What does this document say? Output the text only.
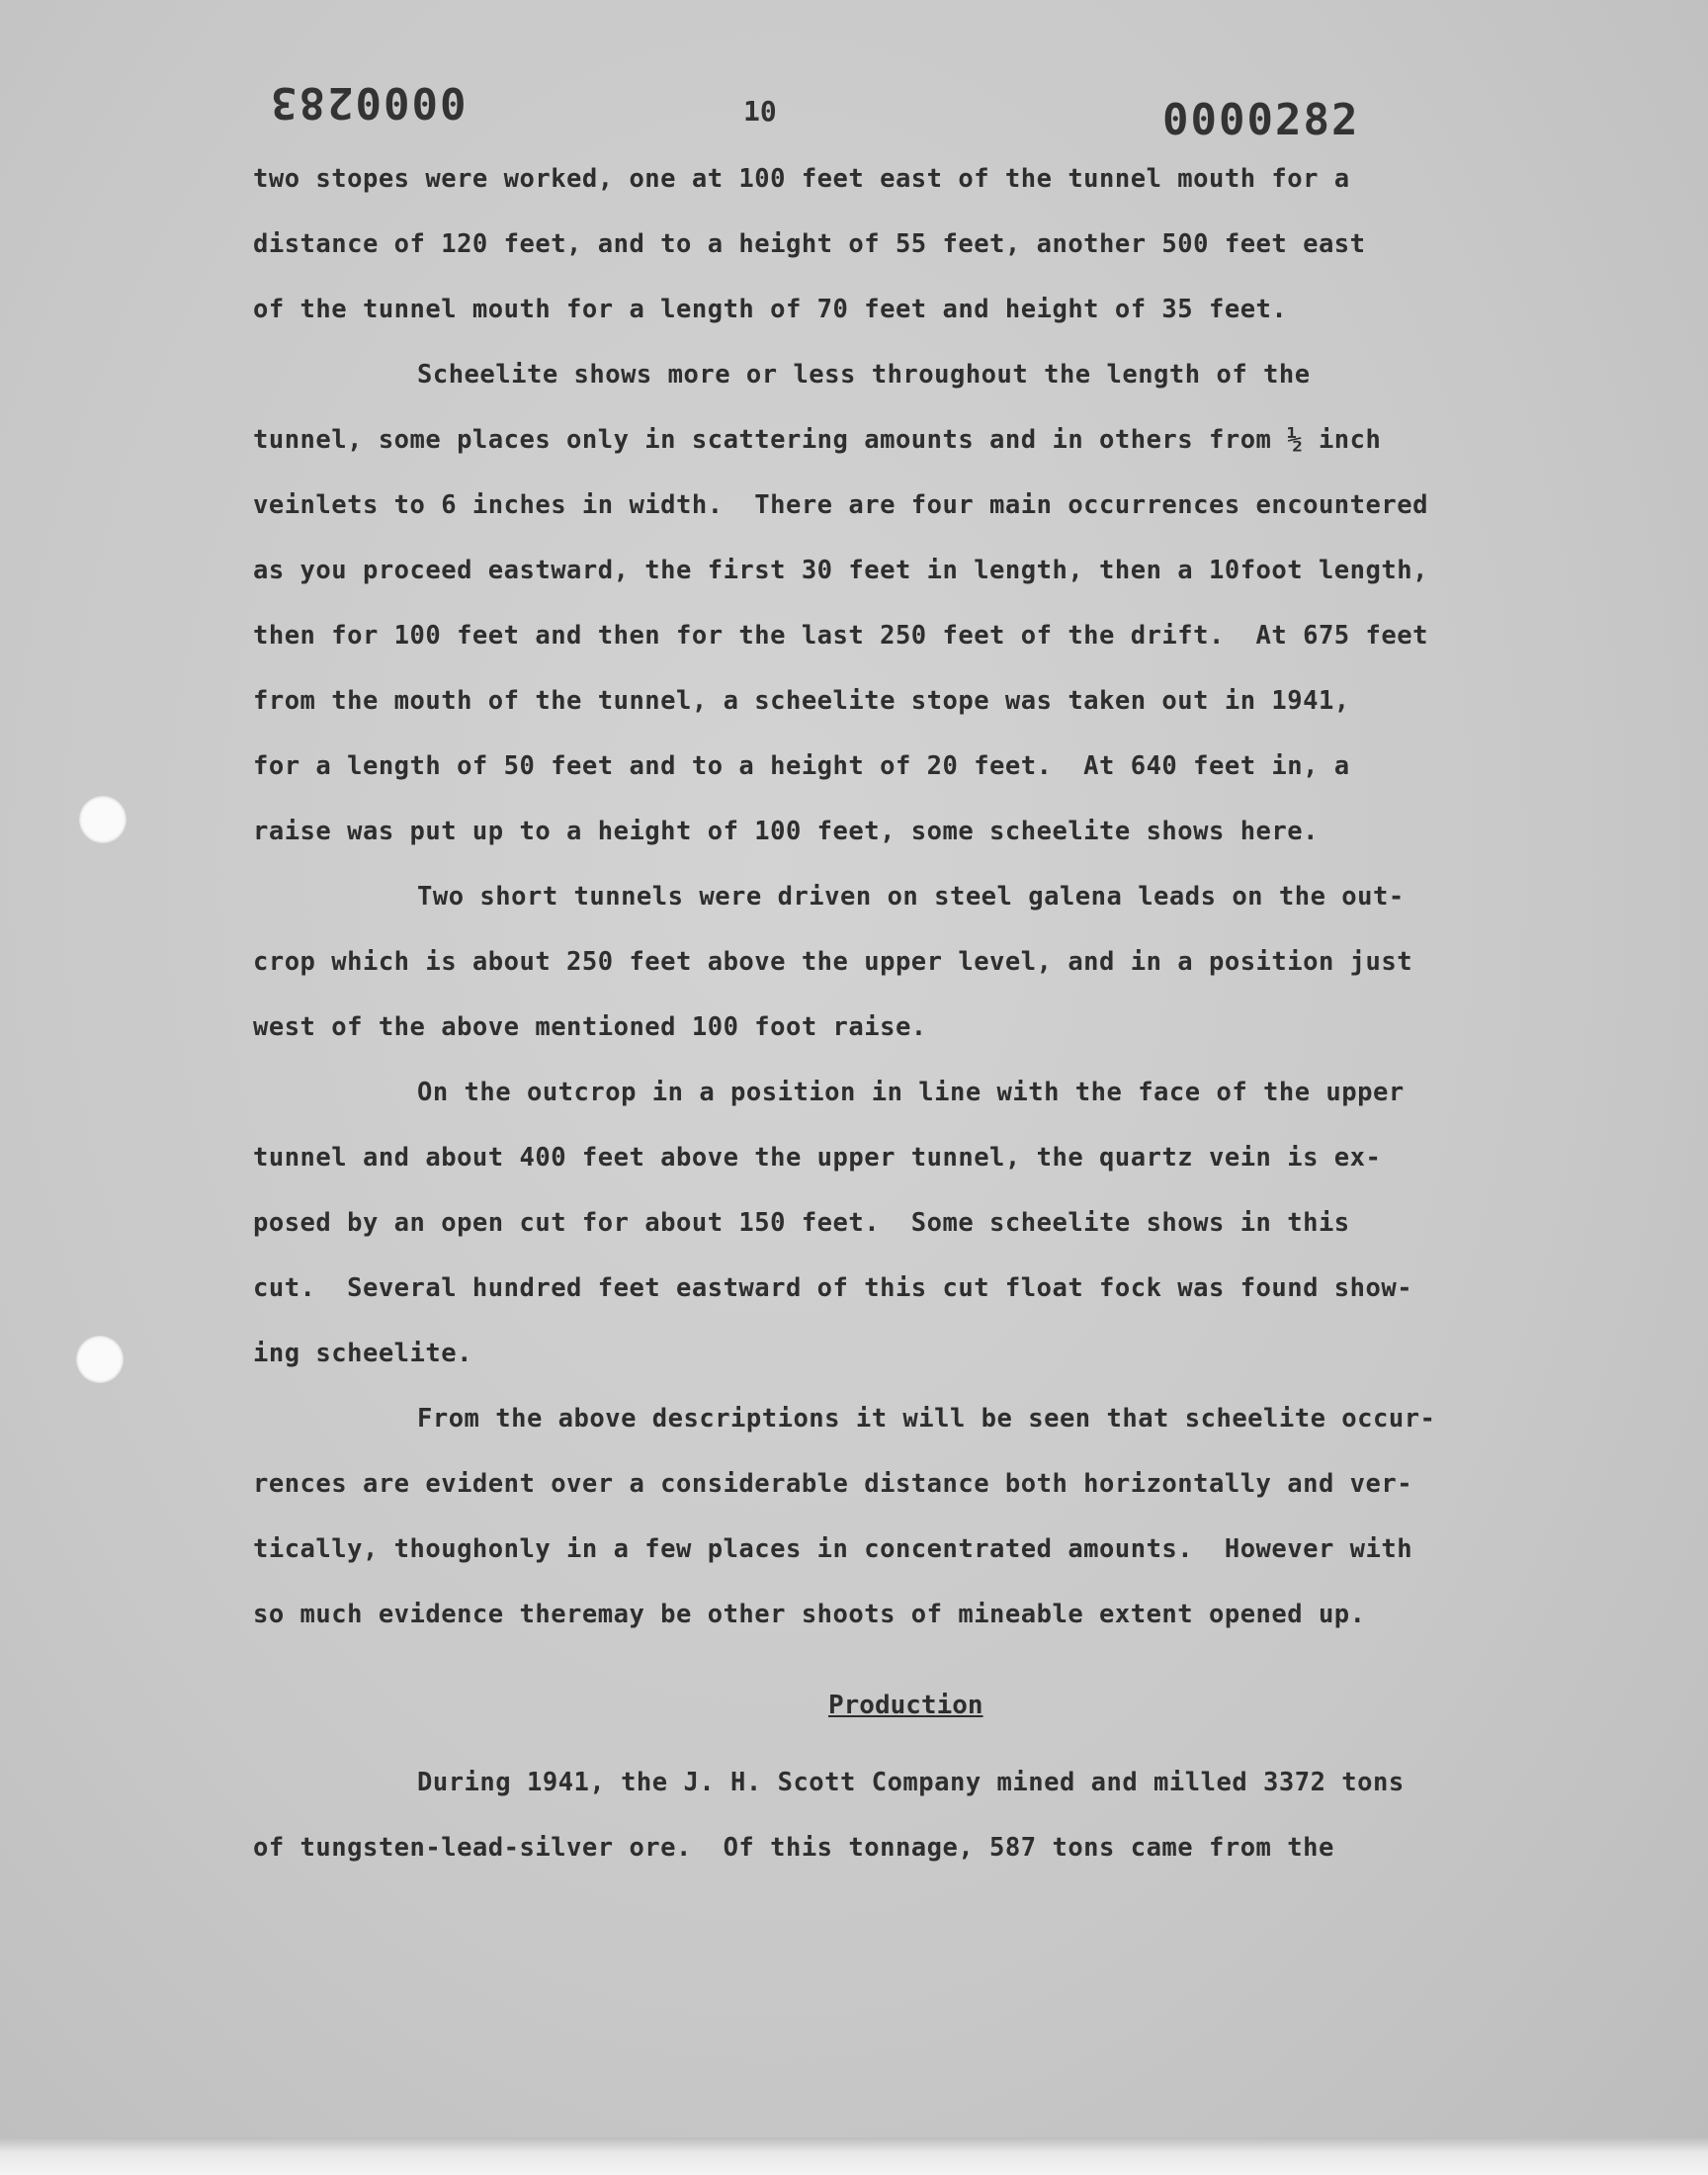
0000283	10	0000282
two stopes were worked, one at 100 feet east of the tunnel mouth for a
distance of 120 feet, and to a height of 55 feet, another 500 feet east
of the tunnel mouth for a length of 70 feet and height of 35 feet.
Scheelite shows more or less throughout the length of the
tunnel, some places only in scattering amounts and in others from ½ inch
veinlets to 6 inches in width.  There are four main occurrences encountered
as you proceed eastward, the first 30 feet in length, then a 10foot length,
then for 100 feet and then for the last 250 feet of the drift.  At 675 feet
from the mouth of the tunnel, a scheelite stope was taken out in 1941,
for a length of 50 feet and to a height of 20 feet.  At 640 feet in, a
raise was put up to a height of 100 feet, some scheelite shows here.
Two short tunnels were driven on steel galena leads on the out-
crop which is about 250 feet above the upper level, and in a position just
west of the above mentioned 100 foot raise.
On the outcrop in a position in line with the face of the upper
tunnel and about 400 feet above the upper tunnel, the quartz vein is ex-
posed by an open cut for about 150 feet.  Some scheelite shows in this
cut.  Several hundred feet eastward of this cut float fock was found show-
ing scheelite.
From the above descriptions it will be seen that scheelite occur-
rences are evident over a considerable distance both horizontally and ver-
tically, thoughonly in a few places in concentrated amounts.  However with
so much evidence theremay be other shoots of mineable extent opened up.
Production
During 1941, the J. H. Scott Company mined and milled 3372 tons
of tungsten-lead-silver ore.  Of this tonnage, 587 tons came from the
